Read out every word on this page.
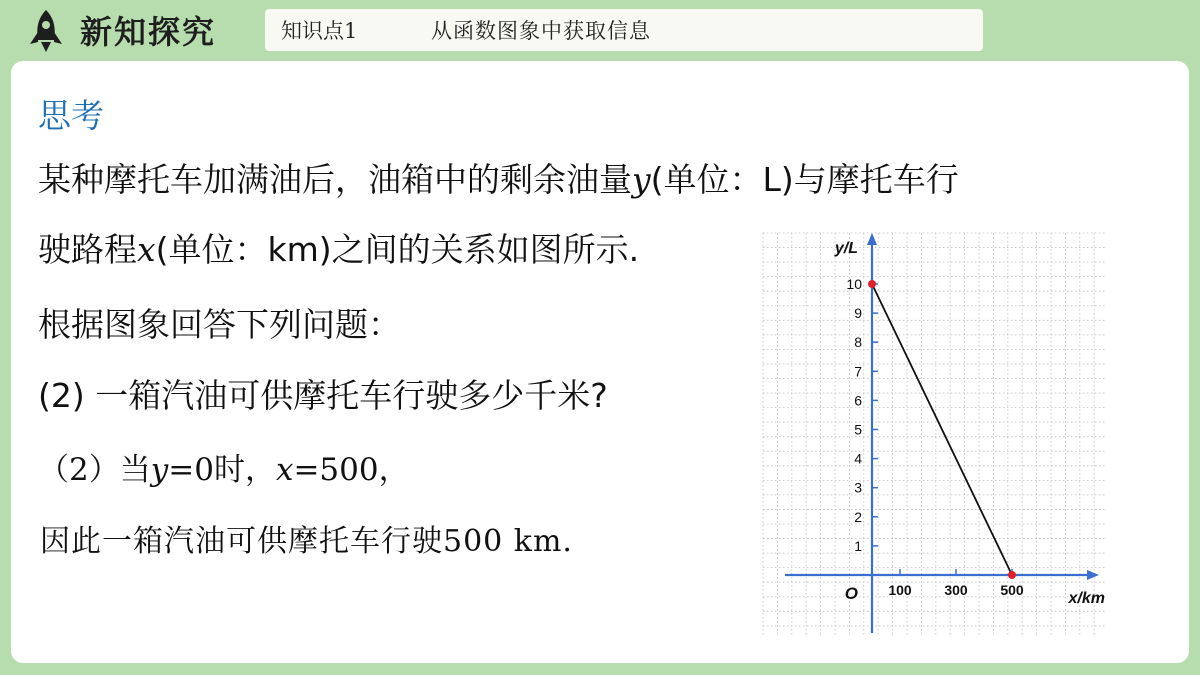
新知探究	知识点1	从函数图象中获取信息
思考
某种摩托车加满油后，油箱中的剩余油量y(单位：L)与摩托车行
驶路程x(单位：km)之间的关系如图所示.
根据图象回答下列问题：
(2) 一箱汽油可供摩托车行驶多少千米?
（2）当y=0时，x=500，
因此一箱汽油可供摩托车行驶500 km.	1
2
3
4
5
6
7
8
9
10
100 300 500
O	x/km
y/L
